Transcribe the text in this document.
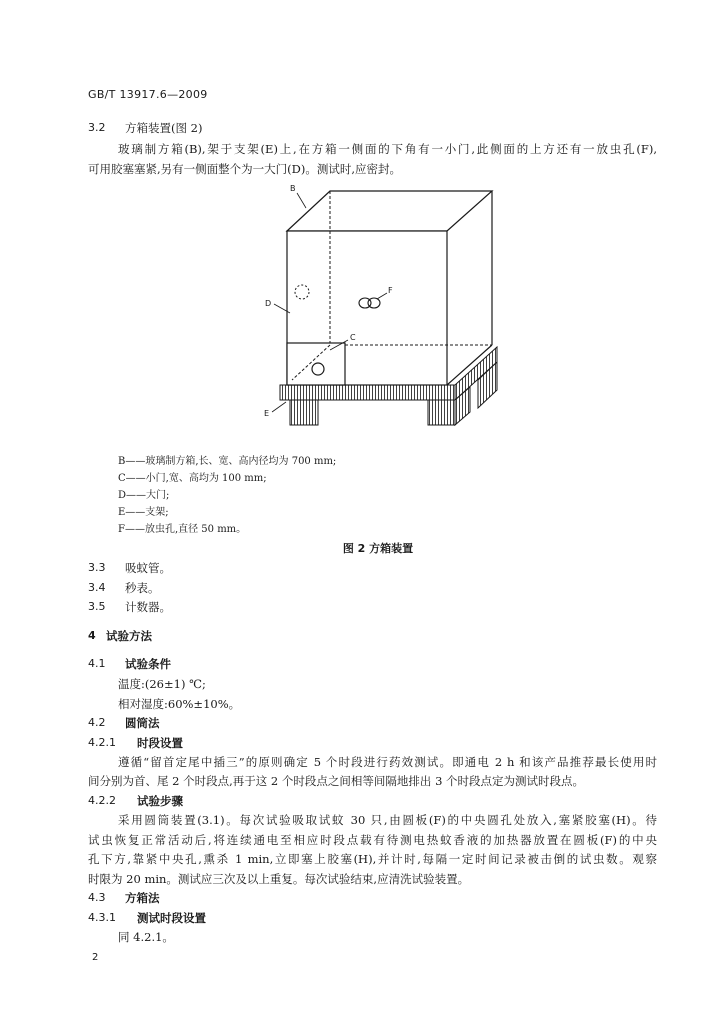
GB/T 13917.6—2009
3.2 方箱装置(图 2)
玻璃制方箱(B),架于支架(E)上,在方箱一侧面的下角有一小门,此侧面的上方还有一放虫孔(F),
可用胶塞塞紧,另有一侧面整个为一大门(D)。测试时,应密封。
B
D
F
C
E
B——玻璃制方箱,长、宽、高内径均为 700 mm;
C——小门,宽、高均为 100 mm;
D——大门;
E——支架;
F——放虫孔,直径 50 mm。
图 2 方箱装置
3.3 吸蚊管。
3.4 秒表。
3.5 计数器。
4 试验方法
4.1 试验条件
温度:(26±1) ℃;
相对湿度:60%±10%。
4.2 圆筒法
4.2.1 时段设置
遵循“留首定尾中插三”的原则确定 5 个时段进行药效测试。即通电 2 h 和该产品推荐最长使用时
间分别为首、尾 2 个时段点,再于这 2 个时段点之间相等间隔地排出 3 个时段点定为测试时段点。
4.2.2 试验步骤
采用圆筒装置(3.1)。每次试验吸取试蚊 30 只,由圆板(F)的中央圆孔处放入,塞紧胶塞(H)。待
试虫恢复正常活动后,将连续通电至相应时段点载有待测电热蚊香液的加热器放置在圆板(F)的中央
孔下方,靠紧中央孔,熏杀 1 min,立即塞上胶塞(H),并计时,每隔一定时间记录被击倒的试虫数。观察
时限为 20 min。测试应三次及以上重复。每次试验结束,应清洗试验装置。
4.3 方箱法
4.3.1 测试时段设置
同 4.2.1。
2
